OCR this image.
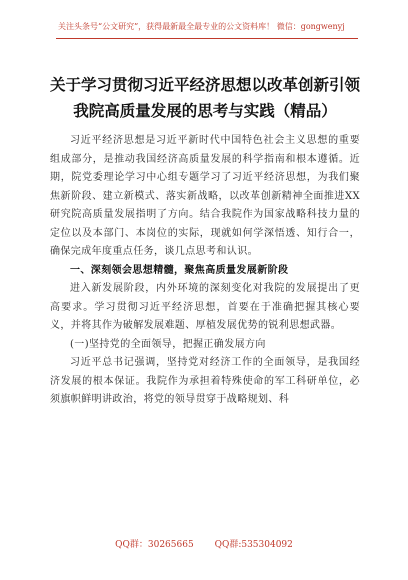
关注头条号“公文研究”，获得最新最全最专业的公文资料库！ 微信：gongwenyj
关于学习贯彻习近平经济思想以改革创新引领我院高质量发展的思考与实践（精品）

习近平经济思想是习近平新时代中国特色社会主义思想的重要组成部分，是推动我国经济高质量发展的科学指南和根本遵循。近期，院党委理论学习中心组专题学习了习近平经济思想，为我们聚焦新阶段、建立新模式、落实新战略，以改革创新精神全面推进XX研究院高质量发展指明了方向。结合我院作为国家战略科技力量的定位以及本部门、本岗位的实际，现就如何学深悟透、知行合一，确保完成年度重点任务，谈几点思考和认识。

一、深刻领会思想精髓，聚焦高质量发展新阶段

进入新发展阶段，内外环境的深刻变化对我院的发展提出了更高要求。学习贯彻习近平经济思想，首要在于准确把握其核心要义，并将其作为破解发展难题、厚植发展优势的锐利思想武器。

(一)坚持党的全面领导，把握正确发展方向

习近平总书记强调，坚持党对经济工作的全面领导，是我国经济发展的根本保证。我院作为承担着特殊使命的军工科研单位，必须旗帜鲜明讲政治，将党的领导贯穿于战略规划、科

QQ群：30265665 QQ群:535304092
